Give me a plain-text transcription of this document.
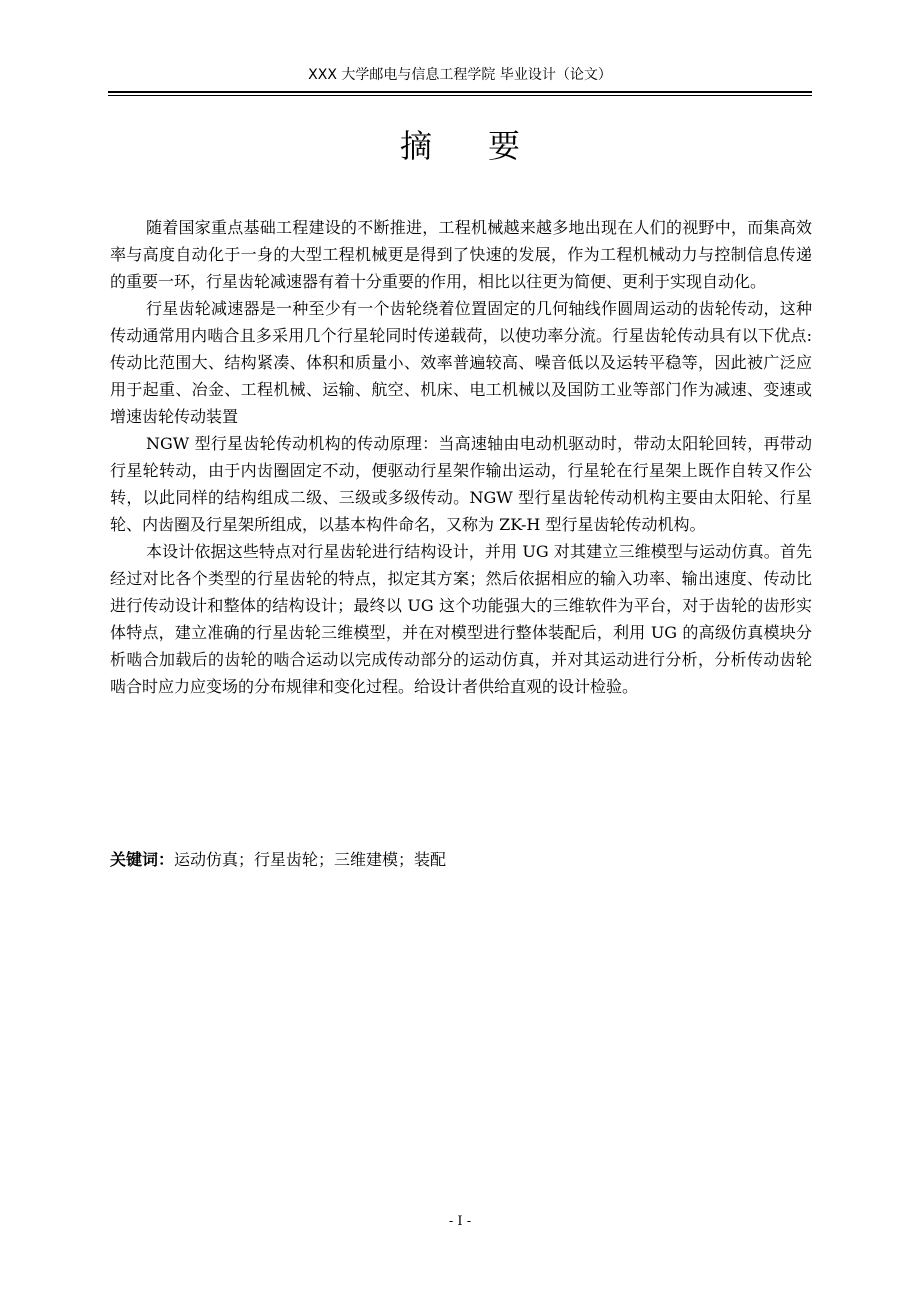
XXX 大学邮电与信息工程学院 毕业设计（论文）
摘要

随着国家重点基础工程建设的不断推进，工程机械越来越多地出现在人们的视野中，而集高效率与高度自动化于一身的大型工程机械更是得到了快速的发展，作为工程机械动力与控制信息传递的重要一环，行星齿轮减速器有着十分重要的作用，相比以往更为简便、更利于实现自动化。

行星齿轮减速器是一种至少有一个齿轮绕着位置固定的几何轴线作圆周运动的齿轮传动，这种传动通常用内啮合且多采用几个行星轮同时传递载荷，以使功率分流。行星齿轮传动具有以下优点:传动比范围大、结构紧凑、体积和质量小、效率普遍较高、噪音低以及运转平稳等，因此被广泛应用于起重、冶金、工程机械、运输、航空、机床、电工机械以及国防工业等部门作为减速、变速或增速齿轮传动装置

NGW 型行星齿轮传动机构的传动原理：当高速轴由电动机驱动时，带动太阳轮回转，再带动行星轮转动，由于内齿圈固定不动，便驱动行星架作输出运动，行星轮在行星架上既作自转又作公转，以此同样的结构组成二级、三级或多级传动。NGW 型行星齿轮传动机构主要由太阳轮、行星轮、内齿圈及行星架所组成，以基本构件命名，又称为 ZK-H 型行星齿轮传动机构。

本设计依据这些特点对行星齿轮进行结构设计，并用 UG 对其建立三维模型与运动仿真。首先经过对比各个类型的行星齿轮的特点，拟定其方案；然后依据相应的输入功率、输出速度、传动比进行传动设计和整体的结构设计；最终以 UG 这个功能强大的三维软件为平台，对于齿轮的齿形实体特点，建立准确的行星齿轮三维模型，并在对模型进行整体装配后，利用 UG 的高级仿真模块分析啮合加载后的齿轮的啮合运动以完成传动部分的运动仿真，并对其运动进行分析，分析传动齿轮啮合时应力应变场的分布规律和变化过程。给设计者供给直观的设计检验。

关键词：运动仿真；行星齿轮；三维建模；装配
- I -
